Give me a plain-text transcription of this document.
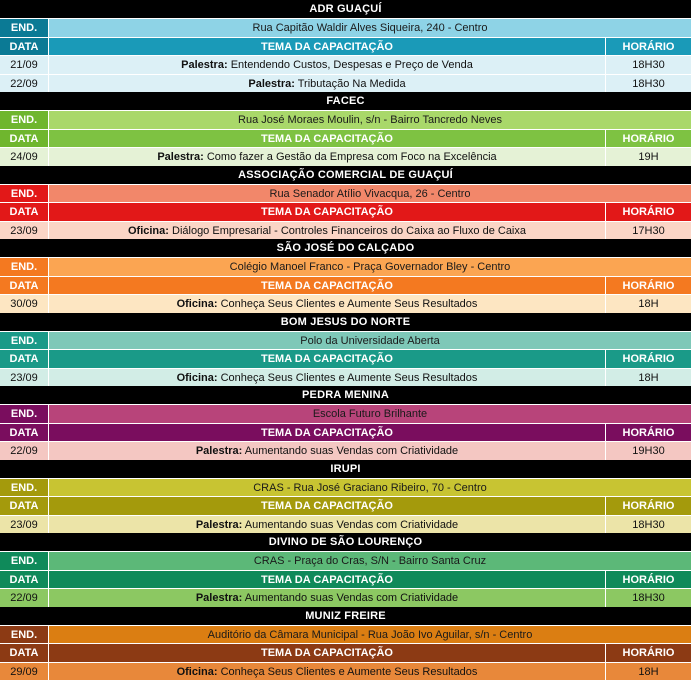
ADR GUAÇUÍ
END.	Rua Capitão Waldir Alves Siqueira, 240 - Centro
DATA	TEMA DA CAPACITAÇÃO	HORÁRIO
21/09	Palestra: Entendendo Custos, Despesas e Preço de Venda	18H30
22/09	Palestra: Tributação Na Medida	18H30
FACEC
END.	Rua José Moraes Moulin, s/n - Bairro Tancredo Neves
DATA	TEMA DA CAPACITAÇÃO	HORÁRIO
24/09	Palestra: Como fazer a Gestão da Empresa com Foco na Excelência	19H
ASSOCIAÇÃO COMERCIAL DE GUAÇUÍ
END.	Rua Senador Atílio Vivacqua, 26 - Centro
DATA	TEMA DA CAPACITAÇÃO	HORÁRIO
23/09	Oficina: Diálogo Empresarial - Controles Financeiros do Caixa ao Fluxo de Caixa	17H30
SÃO JOSÉ DO CALÇADO
END.	Colégio Manoel Franco - Praça Governador Bley - Centro
DATA	TEMA DA CAPACITAÇÃO	HORÁRIO
30/09	Oficina: Conheça Seus Clientes e Aumente Seus Resultados	18H
BOM JESUS DO NORTE
END.	Polo da Universidade Aberta
DATA	TEMA DA CAPACITAÇÃO	HORÁRIO
23/09	Oficina: Conheça Seus Clientes e Aumente Seus Resultados	18H
PEDRA MENINA
END.	Escola Futuro Brilhante
DATA	TEMA DA CAPACITAÇÃO	HORÁRIO
22/09	Palestra: Aumentando suas Vendas com Criatividade	19H30
IRUPI
END.	CRAS - Rua José Graciano Ribeiro, 70 - Centro
DATA	TEMA DA CAPACITAÇÃO	HORÁRIO
23/09	Palestra: Aumentando suas Vendas com Criatividade	18H30
DIVINO DE SÃO LOURENÇO
END.	CRAS - Praça do Cras, S/N - Bairro Santa Cruz
DATA	TEMA DA CAPACITAÇÃO	HORÁRIO
22/09	Palestra: Aumentando suas Vendas com Criatividade	18H30
MUNIZ FREIRE
END.	Auditório da Câmara Municipal - Rua João Ivo Aguilar, s/n - Centro
DATA	TEMA DA CAPACITAÇÃO	HORÁRIO
29/09	Oficina: Conheça Seus Clientes e Aumente Seus Resultados	18H
